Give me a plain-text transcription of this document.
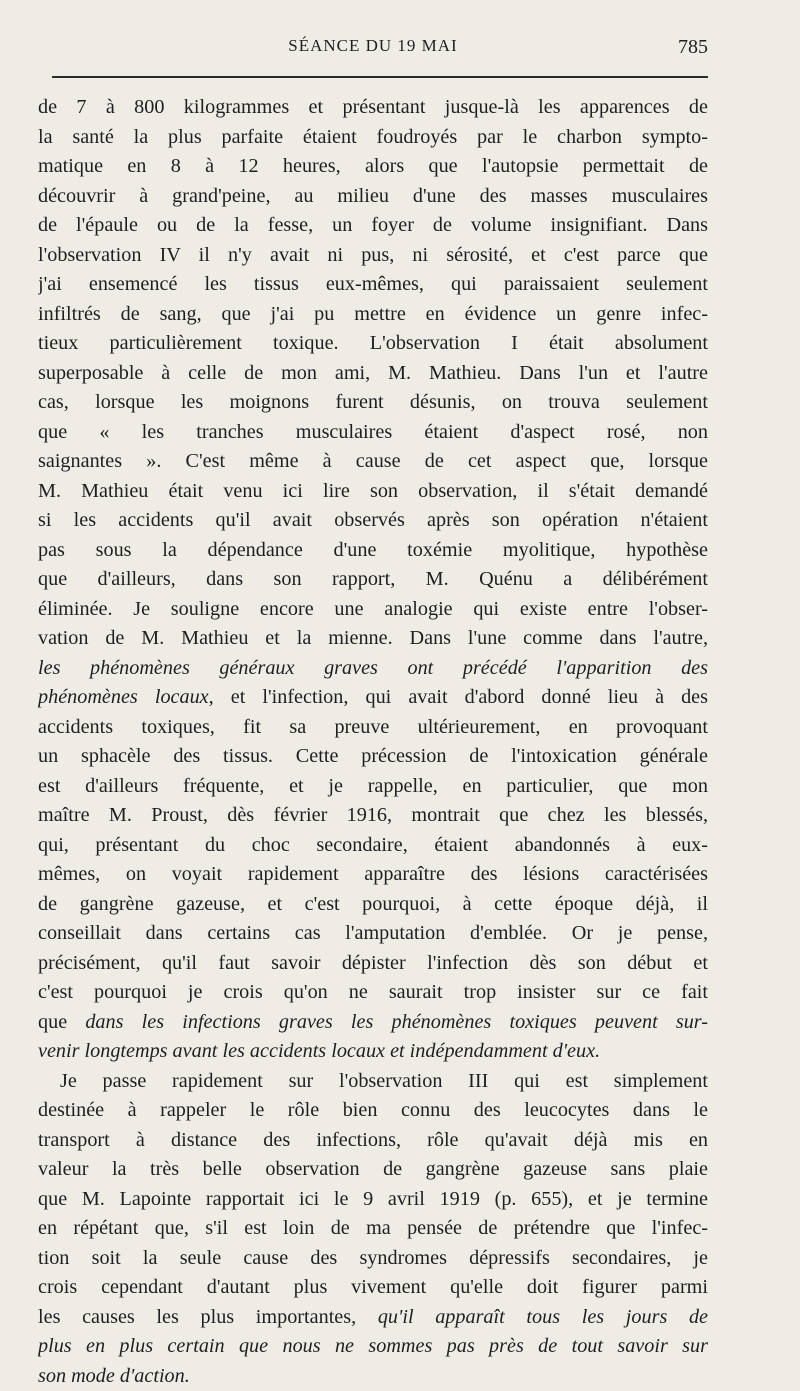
SÉANCE DU 19 MAI	785

de 7 à 800 kilogrammes et présentant jusque-là les apparences de
la santé la plus parfaite étaient foudroyés par le charbon sympto-
matique en 8 à 12 heures, alors que l'autopsie permettait de
découvrir à grand'peine, au milieu d'une des masses musculaires
de l'épaule ou de la fesse, un foyer de volume insignifiant. Dans
l'observation IV il n'y avait ni pus, ni sérosité, et c'est parce que
j'ai ensemencé les tissus eux-mêmes, qui paraissaient seulement
infiltrés de sang, que j'ai pu mettre en évidence un genre infec-
tieux particulièrement toxique. L'observation I était absolument
superposable à celle de mon ami, M. Mathieu. Dans l'un et l'autre
cas, lorsque les moignons furent désunis, on trouva seulement
que « les tranches musculaires étaient d'aspect rosé, non
saignantes ». C'est même à cause de cet aspect que, lorsque
M. Mathieu était venu ici lire son observation, il s'était demandé
si les accidents qu'il avait observés après son opération n'étaient
pas sous la dépendance d'une toxémie myolitique, hypothèse
que d'ailleurs, dans son rapport, M. Quénu a délibérément
éliminée. Je souligne encore une analogie qui existe entre l'obser-
vation de M. Mathieu et la mienne. Dans l'une comme dans l'autre,
les phénomènes généraux graves ont précédé l'apparition des
phénomènes locaux, et l'infection, qui avait d'abord donné lieu à des
accidents toxiques, fit sa preuve ultérieurement, en provoquant
un sphacèle des tissus. Cette précession de l'intoxication générale
est d'ailleurs fréquente, et je rappelle, en particulier, que mon
maître M. Proust, dès février 1916, montrait que chez les blessés,
qui, présentant du choc secondaire, étaient abandonnés à eux-
mêmes, on voyait rapidement apparaître des lésions caractérisées
de gangrène gazeuse, et c'est pourquoi, à cette époque déjà, il
conseillait dans certains cas l'amputation d'emblée. Or je pense,
précisément, qu'il faut savoir dépister l'infection dès son début et
c'est pourquoi je crois qu'on ne saurait trop insister sur ce fait
que dans les infections graves les phénomènes toxiques peuvent sur-
venir longtemps avant les accidents locaux et indépendamment d'eux.

Je passe rapidement sur l'observation III qui est simplement
destinée à rappeler le rôle bien connu des leucocytes dans le
transport à distance des infections, rôle qu'avait déjà mis en
valeur la très belle observation de gangrène gazeuse sans plaie
que M. Lapointe rapportait ici le 9 avril 1919 (p. 655), et je termine
en répétant que, s'il est loin de ma pensée de prétendre que l'infec-
tion soit la seule cause des syndromes dépressifs secondaires, je
crois cependant d'autant plus vivement qu'elle doit figurer parmi
les causes les plus importantes, qu'il apparaît tous les jours de
plus en plus certain que nous ne sommes pas près de tout savoir sur
son mode d'action.
